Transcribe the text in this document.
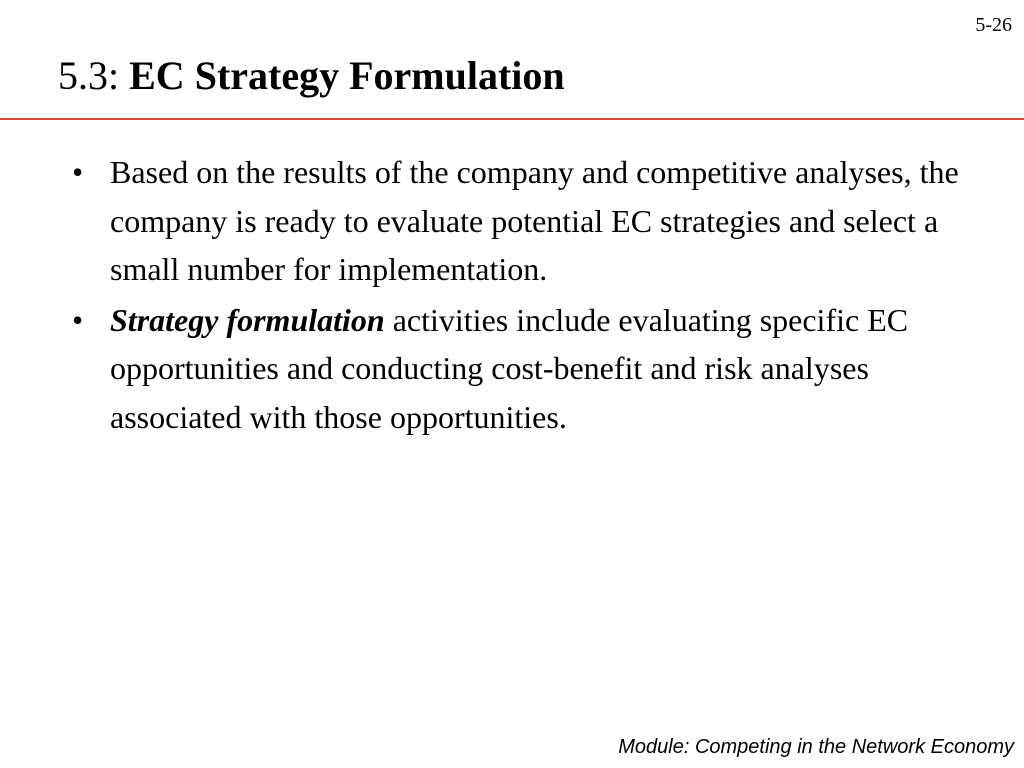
5-26
5.3: EC Strategy Formulation
• Based on the results of the company and competitive analyses, the company is ready to evaluate potential EC strategies and select a small number for implementation.
• Strategy formulation activities include evaluating specific EC opportunities and conducting cost-benefit and risk analyses associated with those opportunities.
Module: Competing in the Network Economy
